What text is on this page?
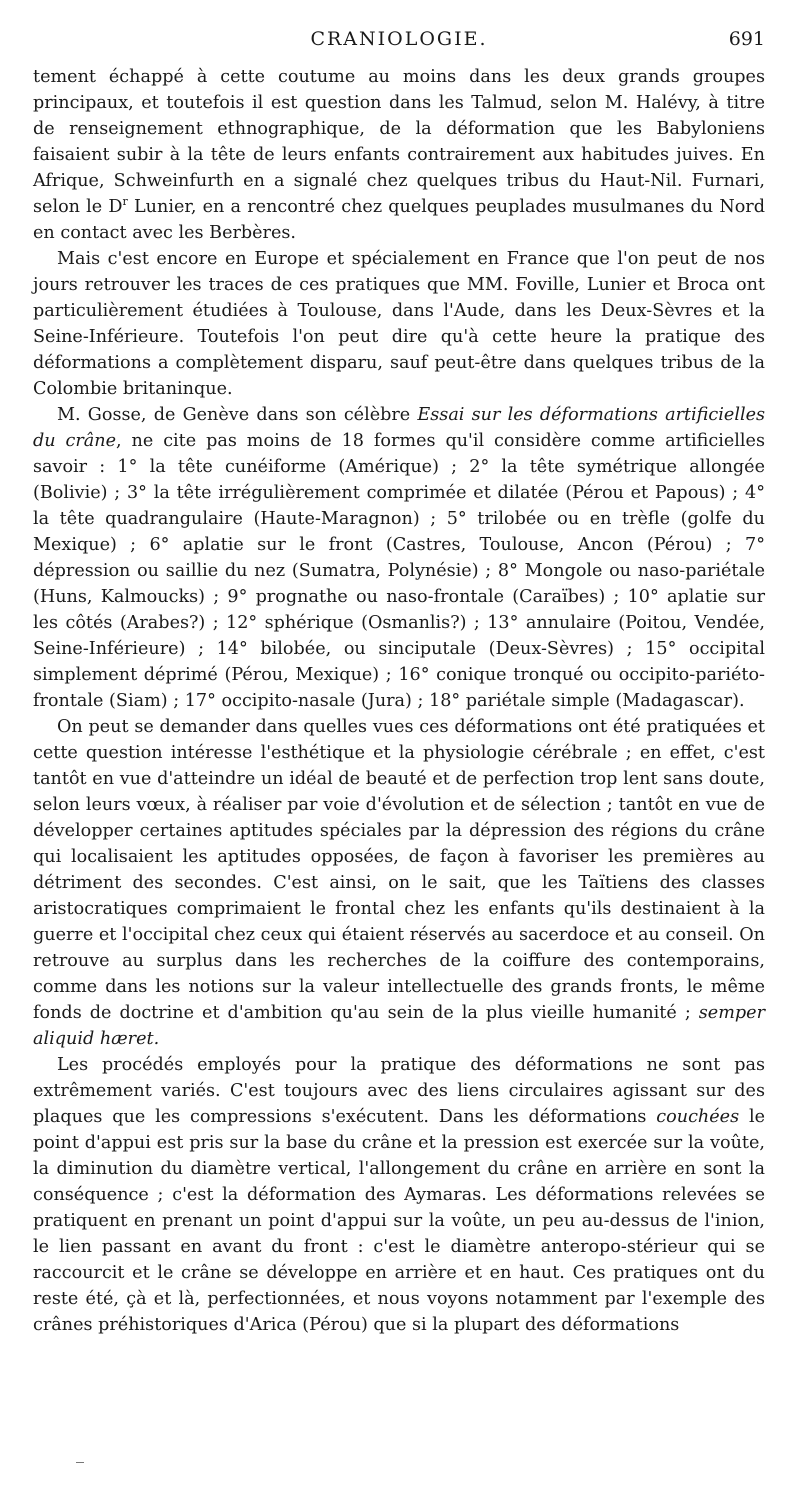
CRANIOLOGIE.	691

tement échappé à cette coutume au moins dans les deux grands groupes principaux, et toutefois il est question dans les Talmud, selon M. Halévy, à titre de renseignement ethnographique, de la déformation que les Babyloniens faisaient subir à la tête de leurs enfants contrairement aux habitudes juives. En Afrique, Schweinfurth en a signalé chez quelques tribus du Haut-Nil. Furnari, selon le $D^r$ Lunier, en a rencontré chez quelques peuplades musulmanes du Nord en contact avec les Berbères.

Mais c'est encore en Europe et spécialement en France que l'on peut de nos jours retrouver les traces de ces pratiques que MM. Foville, Lunier et Broca ont particulièrement étudiées à Toulouse, dans l'Aude, dans les Deux-Sèvres et la Seine-Inférieure. Toutefois l'on peut dire qu'à cette heure la pratique des déformations a complètement disparu, sauf peut-être dans quelques tribus de la Colombie britaninque.

M. Gosse, de Genève dans son célèbre Essai sur les déformations artificielles du crâne, ne cite pas moins de 18 formes qu'il considère comme artificielles savoir : 1° la tête cunéiforme (Amérique) ; 2° la tête symétrique allongée (Bolivie) ; 3° la tête irrégulièrement comprimée et dilatée (Pérou et Papous) ; 4° la tête quadrangulaire (Haute-Maragnon) ; 5° trilobée ou en trèfle (golfe du Mexique) ; 6° aplatie sur le front (Castres, Toulouse, Ancon (Pérou) ; 7° dépression ou saillie du nez (Sumatra, Polynésie) ; 8° Mongole ou naso-pariétale (Huns, Kalmoucks) ; 9° prognathe ou naso-frontale (Caraïbes) ; 10° aplatie sur les côtés (Arabes?) ; 12° sphérique (Osmanlis?) ; 13° annulaire (Poitou, Vendée, Seine-Inférieure) ; 14° bilobée, ou sinciputale (Deux-Sèvres) ; 15° occipital simplement déprimé (Pérou, Mexique) ; 16° conique tronqué ou occipito-pariéto-frontale (Siam) ; 17° occipito-nasale (Jura) ; 18° pariétale simple (Madagascar).

On peut se demander dans quelles vues ces déformations ont été pratiquées et cette question intéresse l'esthétique et la physiologie cérébrale ; en effet, c'est tantôt en vue d'atteindre un idéal de beauté et de perfection trop lent sans doute, selon leurs vœux, à réaliser par voie d'évolution et de sélection ; tantôt en vue de développer certaines aptitudes spéciales par la dépression des régions du crâne qui localisaient les aptitudes opposées, de façon à favoriser les premières au détriment des secondes. C'est ainsi, on le sait, que les Taïtiens des classes aristocratiques comprimaient le frontal chez les enfants qu'ils destinaient à la guerre et l'occipital chez ceux qui étaient réservés au sacerdoce et au conseil. On retrouve au surplus dans les recherches de la coiffure des contemporains, comme dans les notions sur la valeur intellectuelle des grands fronts, le même fonds de doctrine et d'ambition qu'au sein de la plus vieille humanité ; semper aliquid hæret.

Les procédés employés pour la pratique des déformations ne sont pas extrêmement variés. C'est toujours avec des liens circulaires agissant sur des plaques que les compressions s'exécutent. Dans les déformations couchées le point d'appui est pris sur la base du crâne et la pression est exercée sur la voûte, la diminution du diamètre vertical, l'allongement du crâne en arrière en sont la conséquence ; c'est la déformation des Aymaras. Les déformations relevées se pratiquent en prenant un point d'appui sur la voûte, un peu au-dessus de l'inion, le lien passant en avant du front : c'est le diamètre anteropo-stérieur qui se raccourcit et le crâne se développe en arrière et en haut. Ces pratiques ont du reste été, çà et là, perfectionnées, et nous voyons notamment par l'exemple des crânes préhistoriques d'Arica (Pérou) que si la plupart des déformations
